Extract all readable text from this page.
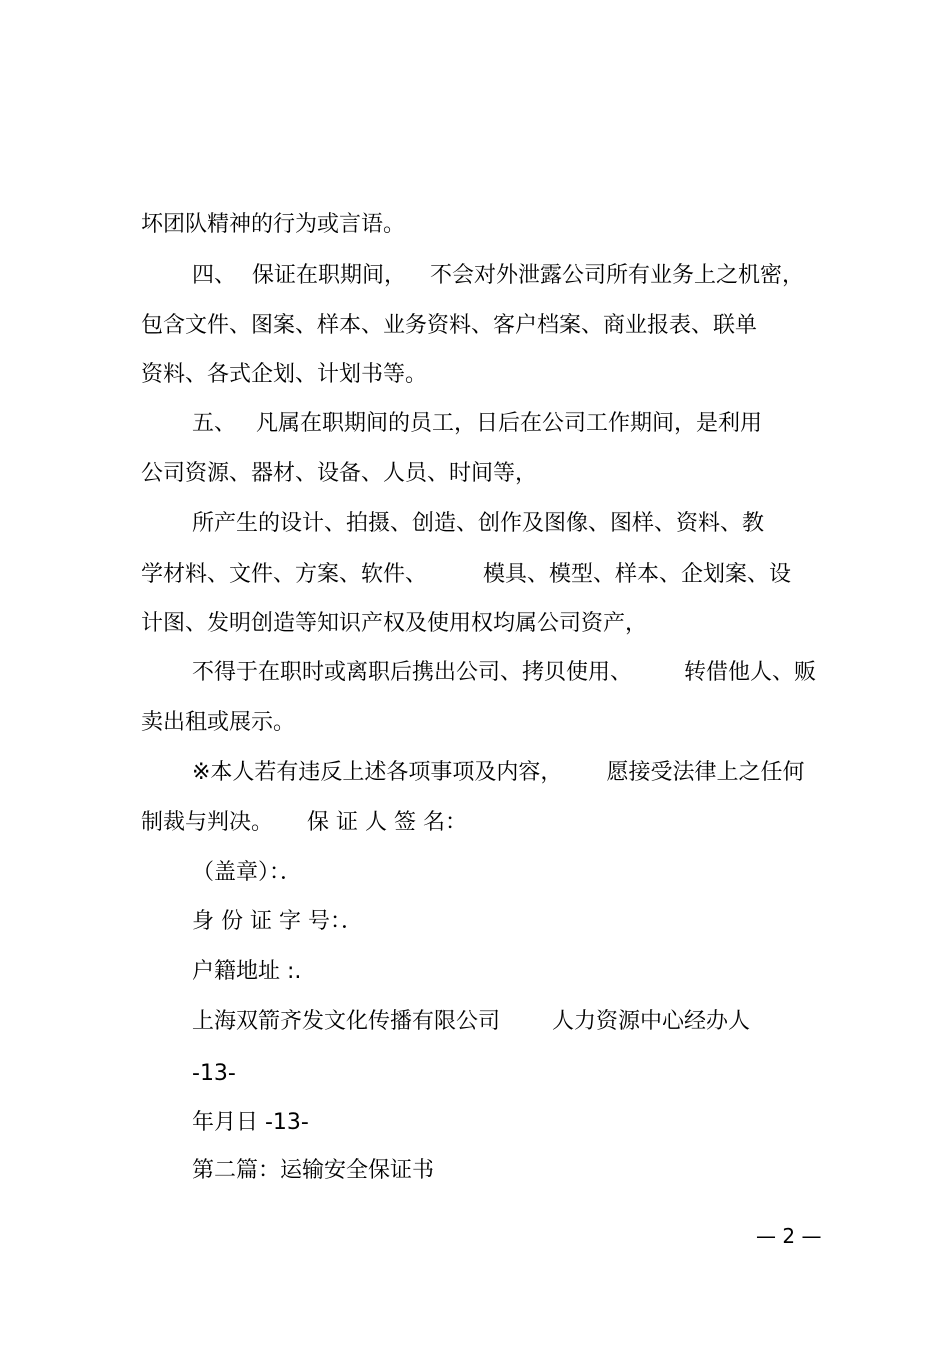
坏团队精神的行为或言语。

四、 保证在职期间， 不会对外泄露公司所有业务上之机密，

包含文件、图案、样本、业务资料、客户档案、商业报表、联单

资料、各式企划、计划书等。

五、 凡属在职期间的员工，日后在公司工作期间，是利用

公司资源、器材、设备、人员、时间等，

所产生的设计、拍摄、创造、创作及图像、图样、资料、教

学材料、文件、方案、软件、	模具、模型、样本、企划案、设

计图、发明创造等知识产权及使用权均属公司资产，

不得于在职时或离职后携出公司、拷贝使用、 转借他人、贩

卖出租或展示。

※本人若有违反上述各项事项及内容， 愿接受法律上之任何

制裁与判决。 保 证 人 签 名：

（盖章）：．

身 份 证 字 号：．

户籍地址 :.

上海双箭齐发文化传播有限公司 人力资源中心经办人

-13-

年月日 -13-

第二篇：运输安全保证书

— 2 —
